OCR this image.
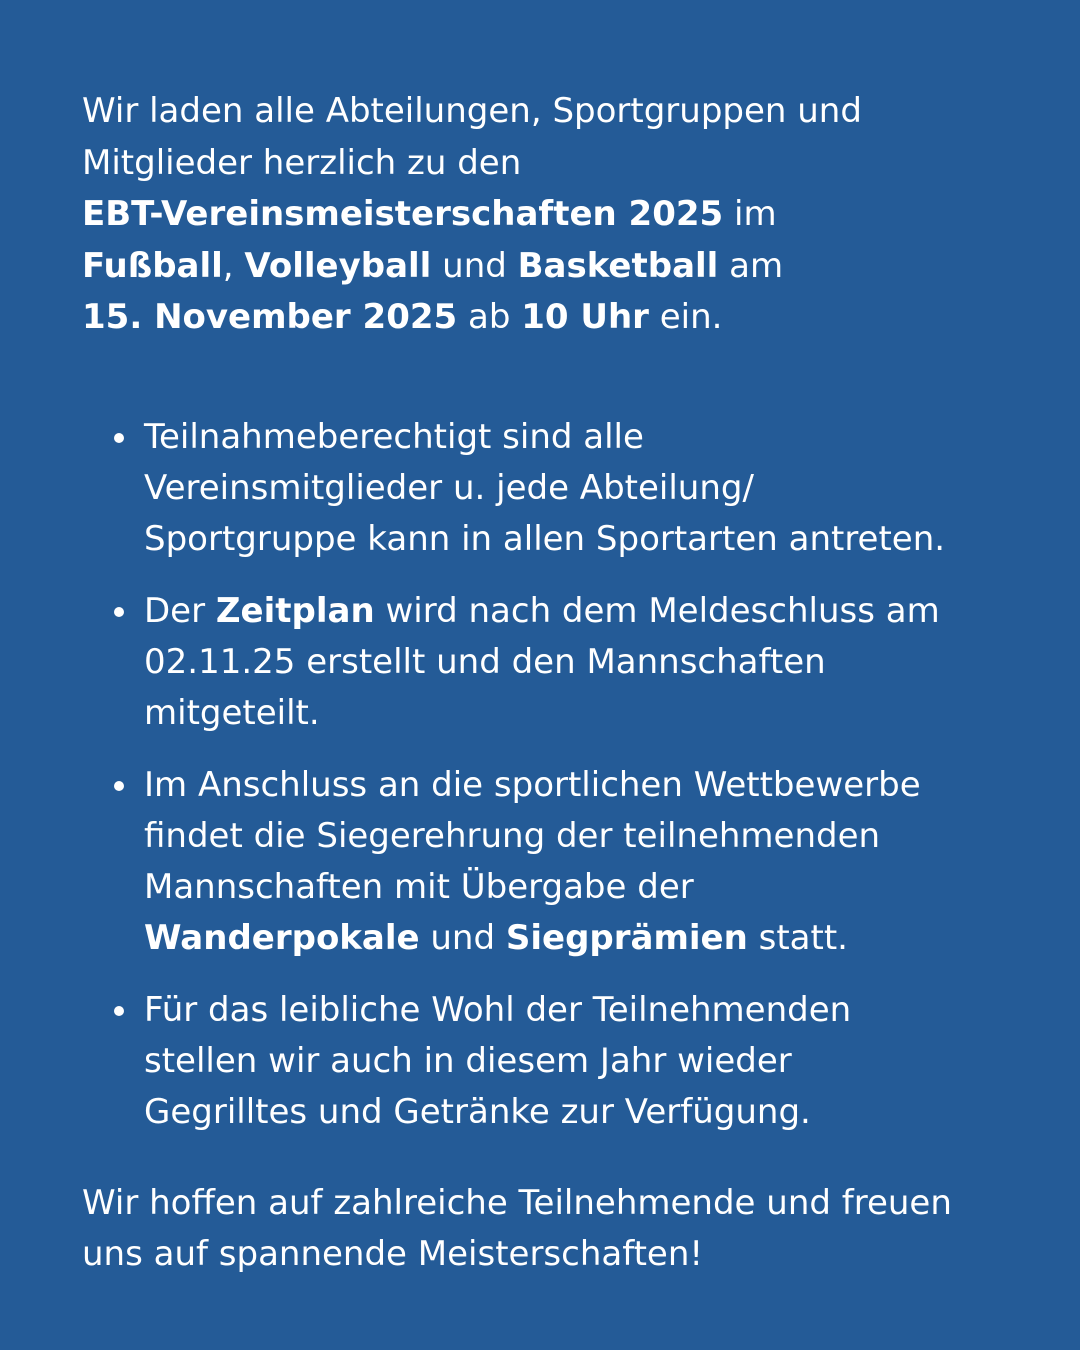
Wir laden alle Abteilungen, Sportgruppen und
Mitglieder herzlich zu den
EBT-Vereinsmeisterschaften 2025 im
Fußball, Volleyball und Basketball am
15. November 2025 ab 10 Uhr ein.

Teilnahmeberechtigt sind alle
Vereinsmitglieder u. jede Abteilung/
Sportgruppe kann in allen Sportarten antreten.
Der Zeitplan wird nach dem Meldeschluss am
02.11.25 erstellt und den Mannschaften
mitgeteilt.
Im Anschluss an die sportlichen Wettbewerbe
findet die Siegerehrung der teilnehmenden
Mannschaften mit Übergabe der
Wanderpokale und Siegprämien statt.
Für das leibliche Wohl der Teilnehmenden
stellen wir auch in diesem Jahr wieder
Gegrilltes und Getränke zur Verfügung.

Wir hoffen auf zahlreiche Teilnehmende und freuen
uns auf spannende Meisterschaften!
